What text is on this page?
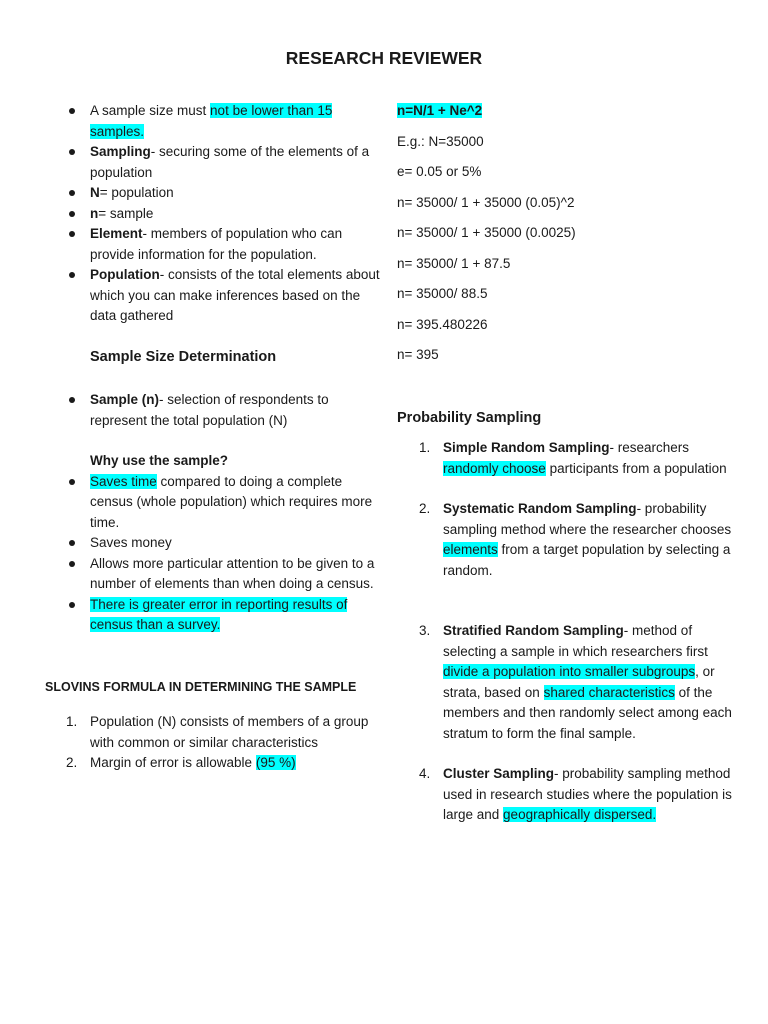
RESEARCH REVIEWER
A sample size must not be lower than 15 samples.
Sampling- securing some of the elements of a population
N= population
n= sample
Element- members of population who can provide information for the population.
Population- consists of the total elements about which you can make inferences based on the data gathered
Sample Size Determination
Sample (n)- selection of respondents to represent the total population (N)
Why use the sample?
Saves time compared to doing a complete census (whole population) which requires more time.
Saves money
Allows more particular attention to be given to a number of elements than when doing a census.
There is greater error in reporting results of census than a survey.
SLOVINS FORMULA IN DETERMINING THE SAMPLE
1. Population (N) consists of members of a group with common or similar characteristics
2. Margin of error is allowable (95 %)
n=N/1 + Ne^2

E.g.: N=35000

e= 0.05 or 5%

n= 35000/ 1 + 35000 (0.05)^2

n= 35000/ 1 + 35000 (0.0025)

n= 35000/ 1 + 87.5

n= 35000/ 88.5

n= 395.480226

n= 395

Probability Sampling
1. Simple Random Sampling- researchers randomly choose participants from a population
2. Systematic Random Sampling- probability sampling method where the researcher chooses elements from a target population by selecting a random.
3. Stratified Random Sampling- method of selecting a sample in which researchers first divide a population into smaller subgroups, or strata, based on shared characteristics of the members and then randomly select among each stratum to form the final sample.
4. Cluster Sampling- probability sampling method used in research studies where the population is large and geographically dispersed.
